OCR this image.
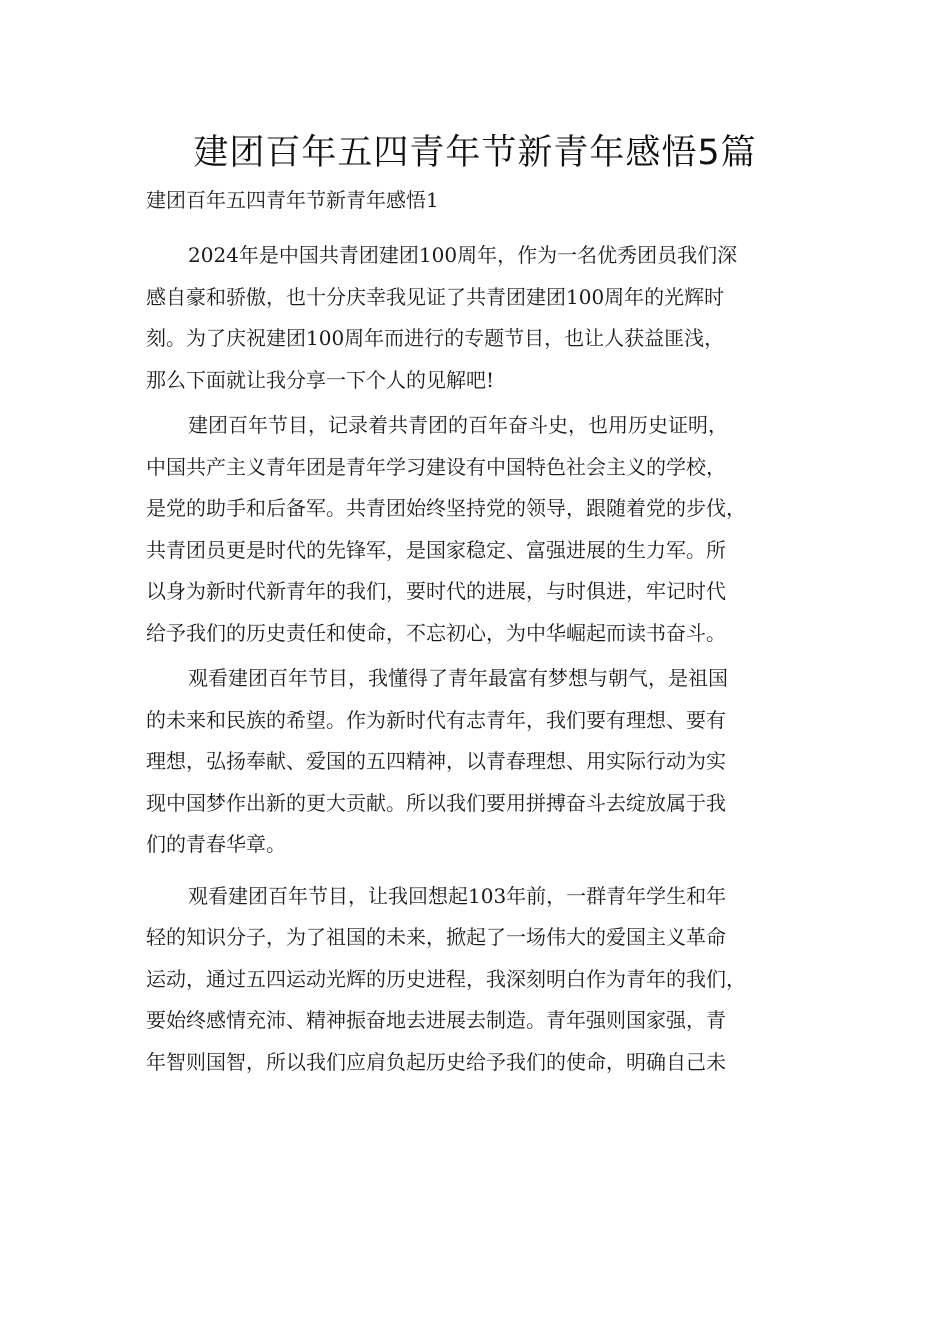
建团百年五四青年节新青年感悟5篇

建团百年五四青年节新青年感悟1

2024年是中国共青团建团100周年，作为一名优秀团员我们深
感自豪和骄傲，也十分庆幸我见证了共青团建团100周年的光辉时
刻。为了庆祝建团100周年而进行的专题节目，也让人获益匪浅，
那么下面就让我分享一下个人的见解吧!

建团百年节目，记录着共青团的百年奋斗史，也用历史证明，
中国共产主义青年团是青年学习建设有中国特色社会主义的学校，
是党的助手和后备军。共青团始终坚持党的领导，跟随着党的步伐，
共青团员更是时代的先锋军，是国家稳定、富强进展的生力军。所
以身为新时代新青年的我们，要时代的进展，与时俱进，牢记时代
给予我们的历史责任和使命，不忘初心，为中华崛起而读书奋斗。

观看建团百年节目，我懂得了青年最富有梦想与朝气，是祖国
的未来和民族的希望。作为新时代有志青年，我们要有理想、要有
理想，弘扬奉献、爱国的五四精神，以青春理想、用实际行动为实
现中国梦作出新的更大贡献。所以我们要用拼搏奋斗去绽放属于我
们的青春华章。

观看建团百年节目，让我回想起103年前，一群青年学生和年
轻的知识分子，为了祖国的未来，掀起了一场伟大的爱国主义革命
运动，通过五四运动光辉的历史进程，我深刻明白作为青年的我们，
要始终感情充沛、精神振奋地去进展去制造。青年强则国家强，青
年智则国智，所以我们应肩负起历史给予我们的使命，明确自己未
